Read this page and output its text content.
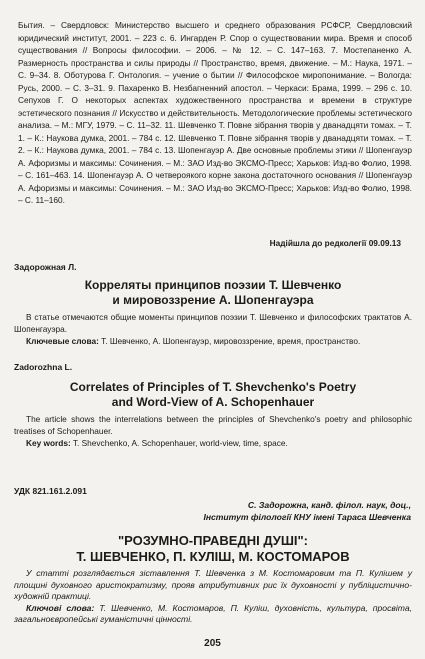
Бытия. – Свердловск: Министерство высшего и среднего образования РСФСР, Свердловский юридический институт, 2001. – 223 с. 6. Ингарден Р. Спор о существовании мира. Время и способ существования // Вопросы философии. – 2006. – № 12. – С. 147–163. 7. Мостепаненко А. Размерность пространства и силы природы // Пространство, время, движение. – М.: Наука, 1971. – С. 9–34. 8. Оботурова Г. Онтология. – учение о бытии // Философское миропонимание. – Вологда: Русь, 2000. – С. 3–31. 9. Пахаренко В. Незбагненний апостол. – Черкаси: Брама, 1999. – 296 с. 10. Сепухов Г. О некоторых аспектах художественного пространства и времени в структуре эстетического познания // Искусство и действительность. Методологические проблемы эстетического анализа. – М.: МГУ, 1979. – С. 11–32. 11. Шевченко Т. Повне зібрання творів у дванадцяти томах. – Т. 1. – К.: Наукова думка, 2001. – 784 с. 12. Шевченко Т. Повне зібрання творів у дванадцяти томах. – Т. 2. – К.: Наукова думка, 2001. – 784 с. 13. Шопенгауэр А. Две основные проблемы этики // Шопенгауэр А. Афоризмы и максимы: Сочинения. – М.: ЗАО Изд-во ЭКСМО-Пресс; Харьков: Изд-во Фолио, 1998. – С. 161–463. 14. Шопенгауэр А. О четвероякого корне закона достаточного основания // Шопенгауэр А. Афоризмы и максимы: Сочинения. – М.: ЗАО Изд-во ЭКСМО-Пресс; Харьков: Изд-во Фолио, 1998. – С. 11–160.
Надійшла до редколегії 09.09.13
Задорожная Л.
Корреляты принципов поэзии Т. Шевченко
и мировоззрение А. Шопенгауэра

В статье отмечаются общие моменты принципов поэзии Т. Шевченко и философских трактатов А. Шопенгауэра.

Ключевые слова: Т. Шевченко, А. Шопенгауэр, мировоззрение, время, пространство.

Zadorozhna L.
Correlates of Principles of T. Shevchenko's Poetry
and Word-View of A. Schopenhauer

The article shows the interrelations between the principles of Shevchenko's poetry and philosophic treatises of Schopenhauer.

Key words: T. Shevchenko, A. Schopenhauer, world-view, time, space.

УДК 821.161.2.091
С. Задорожна, канд. філол. наук, доц.,
Інститут філології КНУ імені Тараса Шевченка
"РОЗУМНО-ПРАВЕДНІ ДУШІ":
Т. ШЕВЧЕНКО, П. КУЛІШ, М. КОСТОМАРОВ

У статті розглядається зіставлення Т. Шевченка з М. Костомаровим та П. Кулішем у площині духовного аристократизму, прояв атрибутивних рис їх духовності у публіцистично-художній практиці.

Ключові слова: Т. Шевченко, М. Костомаров, П. Куліш, духовність, культура, просвіта, загальноєвропейські гуманістичні цінності.

205
